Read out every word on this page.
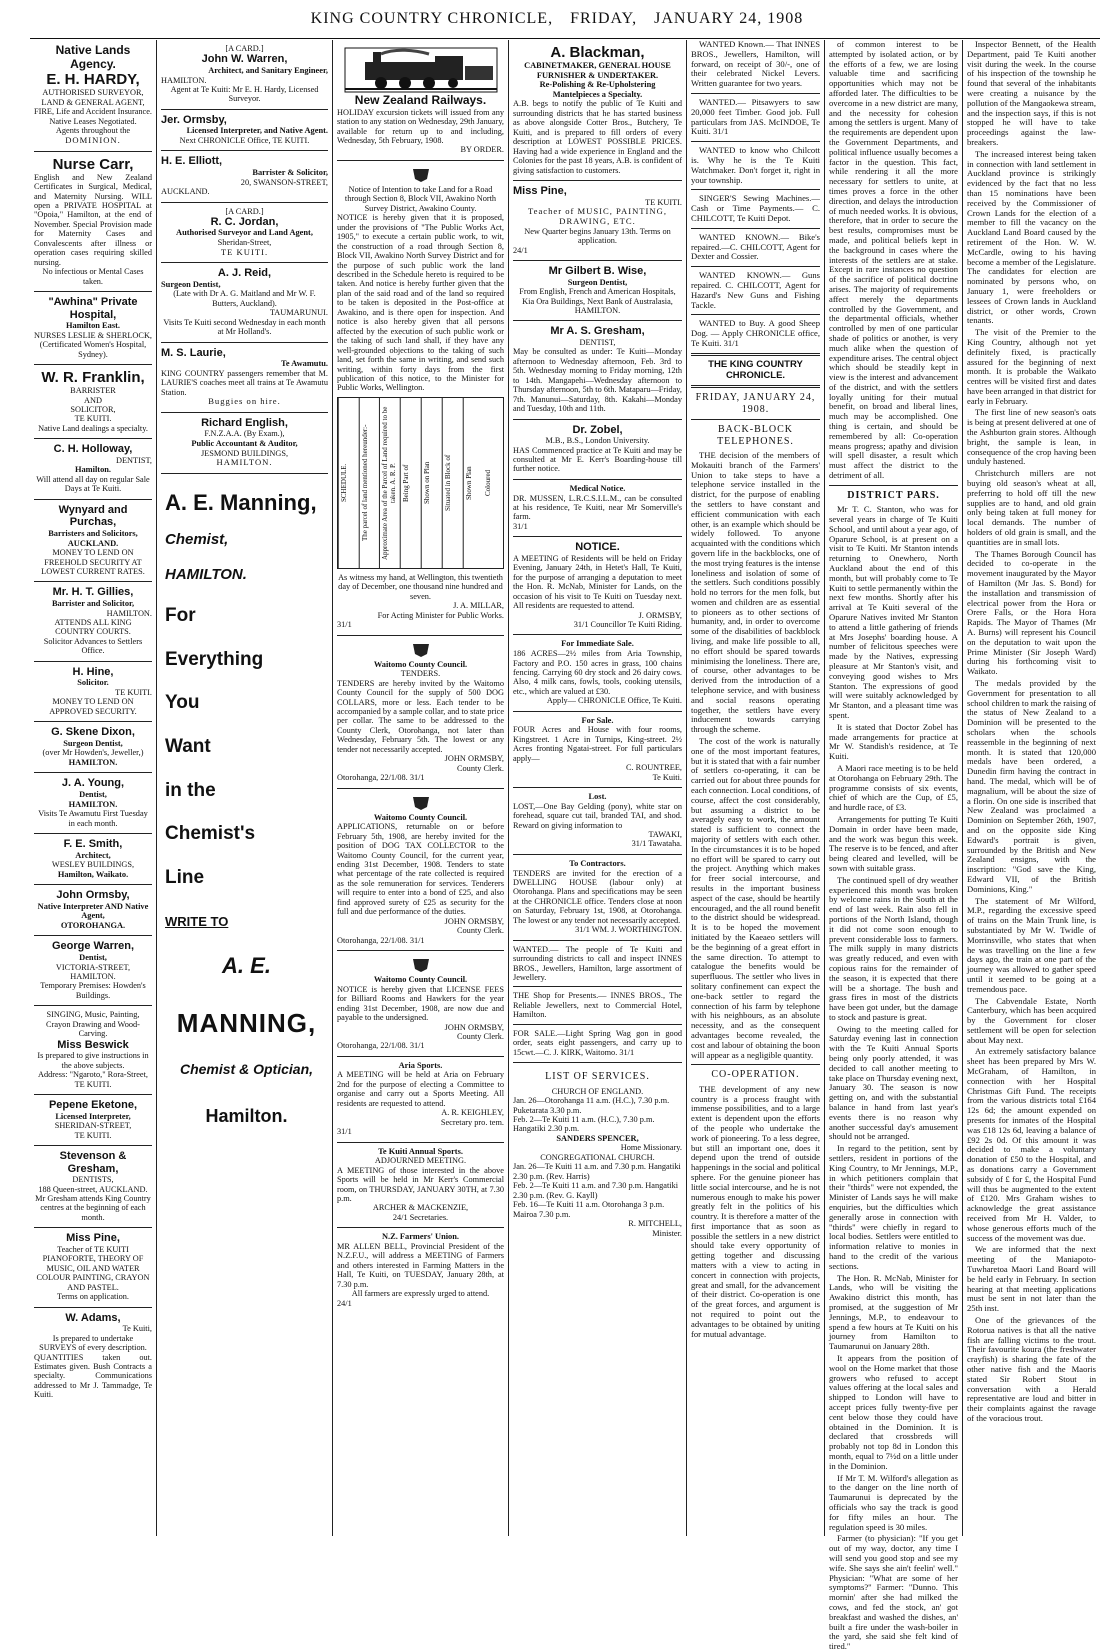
KING COUNTRY CHRONICLE, FRIDAY, JANUARY 24, 1908
Native Lands Agency.
E. H. HARDY,
AUTHORISED SURVEYOR,
LAND & GENERAL AGENT,
FIRE, Life and Accident Insurance.
Native Leases Negotiated.
Agents throughout the
DOMINION.
Nurse Carr,
English and New Zealand Certificates in Surgical, Medical, and Maternity Nursing. WILL open a PRIVATE HOSPITAL at "Opoia," Hamilton, at the end of November. Special Provision made for Maternity Cases and Convalescents after illness or operation cases requiring skilled nursing.
No infectious or Mental Cases taken.
"Awhina" Private Hospital,
Hamilton East.
NURSES LESLIE & SHERLOCK, (Certificated Women's Hospital, Sydney).
W. R. Franklin,
BARRISTER
AND
SOLICITOR,
TE KUITI.
Native Land dealings a specialty.
C. H. Holloway,
DENTIST,
Hamilton.
Will attend all day on regular Sale Days at Te Kuiti.
Wynyard and Purchas,
Barristers and Solicitors,
AUCKLAND.
MONEY TO LEND ON FREEHOLD SECURITY AT LOWEST CURRENT RATES.
Mr. H. T. Gillies,
Barrister and Solicitor,
HAMILTON.
ATTENDS ALL KING COUNTRY COURTS.
Solicitor Advances to Settlers Office.
H. Hine,
Solicitor.
TE KUITI.
MONEY TO LEND ON APPROVED SECURITY.
G. Skene Dixon,
Surgeon Dentist,
(over Mr Howden's, Jeweller,)
HAMILTON.
J. A. Young,
Dentist,
HAMILTON.
Visits Te Awamutu First Tuesday in each month.
F. E. Smith,
Architect,
WESLEY BUILDINGS,
Hamilton, Waikato.
John Ormsby,
Native Interpreter AND Native Agent,
OTOROHANGA.
George Warren,
Dentist,
VICTORIA-STREET, HAMILTON.
Temporary Premises: Howden's Buildings.
SINGING, Music, Painting, Crayon Drawing and Wood-Carving.
Miss Beswick
Is prepared to give instructions in the above subjects.
Address: "Ngaroto," Rora-Street, TE KUITI.
Pepene Eketone,
Licensed Interpreter,
SHERIDAN-STREET,
TE KUITI.
Stevenson & Gresham,
DENTISTS,
188 Queen-street, AUCKLAND.
Mr Gresham attends King Country centres at the beginning of each month.
Miss Pine,
Teacher of TE KUITI PIANOFORTE, THEORY OF MUSIC, OIL AND WATER COLOUR PAINTING, CRAYON AND PASTEL.
Terms on application.
W. Adams,
Te Kuiti,
Is prepared to undertake SURVEYS of every description.
QUANTITIES taken out. Estimates given. Bush Contracts a specialty. Communications addressed to Mr J. Tammadge, Te Kuiti.
[A CARD.]
John W. Warren,
Architect, and Sanitary Engineer,
HAMILTON.
Agent at Te Kuiti: Mr E. H. Hardy, Licensed Surveyor.
Jer. Ormsby,
Licensed Interpreter, and Native Agent.
Next CHRONICLE Office, TE KUITI.
H. E. Elliott,
Barrister & Solicitor,
20, SWANSON-STREET,
AUCKLAND.
[A CARD.]
R. C. Jordan,
Authorised Surveyor and Land Agent,
Sheridan-Street,
TE KUITI.
A. J. Reid,
Surgeon Dentist,
(Late with Dr A. G. Maitland and Mr W. F. Butters, Auckland).
TAUMARUNUI.
Visits Te Kuiti second Wednesday in each month at Mr Holland's.
M. S. Laurie,
Te Awamutu.
KING COUNTRY passengers remember that M. LAURIE'S coaches meet all trains at Te Awamutu Station.
Buggies on hire.
Richard English,
F.N.Z.A.A. (By Exam.),
Public Accountant & Auditor,
JESMOND BUILDINGS,
HAMILTON.
A. E. Manning,
Chemist,
HAMILTON.
For
Everything
You
Want
in the
Chemist's
Line
WRITE TO
A. E.
MANNING,
Chemist & Optician,
Hamilton.
New Zealand Railways.
HOLIDAY excursion tickets will issued from any station to any station on Wednesday, 29th January, available for return up to and including, Wednesday, 5th February, 1908.
BY ORDER.
Notice of Intention to take Land for a Road through Section 8, Block VII, Awakino North Survey District, Awakino County.
NOTICE is hereby given that it is proposed, under the provisions of "The Public Works Act, 1905," to execute a certain public work, to wit, the construction of a road through Section 8, Block VII, Awakino North Survey District and for the purpose of such public work the land described in the Schedule hereto is required to be taken. And notice is hereby further given that the plan of the said road and of the land so required to be taken is deposited in the Post-office at Awakino, and is there open for inspection. And notice is also hereby given that all persons affected by the execution of such public work or the taking of such land shall, if they have any well-grounded objections to the taking of such land, set forth the same in writing, and send such writing, within forty days from the first publication of this notice, to the Minister for Public Works, Wellington.
SCHEDULE.	The parcel of land mentioned hereunder:-	Approximate Area of the Parcel of Land required to be taken. A. R. P. Being Part of	Shown on Plan	Situated in Block of	Shown Plan	Coloured
As witness my hand, at Wellington, this twentieth day of December, one thousand nine hundred and seven.
J. A. MILLAR,
For Acting Minister for Public Works.
31/1
Waitomo County Council.
TENDERS.
TENDERS are hereby invited by the Waitomo County Council for the supply of 500 DOG COLLARS, more or less. Each tender to be accompanied by a sample collar, and to state price per collar. The same to be addressed to the County Clerk, Otorohanga, not later than Wednesday, February 5th. The lowest or any tender not necessarily accepted.
JOHN ORMSBY,
County Clerk.
Otorohanga, 22/1/08. 31/1
Waitomo County Council.
APPLICATIONS, returnable on or before February 5th, 1908, are hereby invited for the position of DOG TAX COLLECTOR to the Waitomo County Council, for the current year, ending 31st December, 1908. Tenders to state what percentage of the rate collected is required as the sole remuneration for services. Tenderers will require to enter into a bond of £25, and also find approved surety of £25 as security for the full and due performance of the duties.
JOHN ORMSBY,
County Clerk.
Otorohanga, 22/1/08. 31/1
Waitomo County Council.
NOTICE is hereby given that LICENSE FEES for Billiard Rooms and Hawkers for the year ending 31st December, 1908, are now due and payable to the undersigned.
JOHN ORMSBY,
County Clerk.
Otorohanga, 22/1/08. 31/1
Aria Sports.
A MEETING will be held at Aria on February 2nd for the purpose of electing a Committee to organise and carry out a Sports Meeting. All residents are requested to attend.
A. R. KEIGHLEY,
Secretary pro. tem.
31/1
Te Kuiti Annual Sports.
ADJOURNED MEETING.
A MEETING of those interested in the above Sports will be held in Mr Kerr's Commercial room, on THURSDAY, JANUARY 30TH, at 7.30 p.m.
ARCHER & MACKENZIE,
24/1 Secretaries.
N.Z. Farmers' Union.
MR ALLEN BELL, Provincial President of the N.Z.F.U., will address a MEETING of Farmers and others interested in Farming Matters in the Hall, Te Kuiti, on TUESDAY, January 28th, at 7.30 p.m.
All farmers are expressly urged to attend.
24/1
A. Blackman,
CABINETMAKER, GENERAL HOUSE FURNISHER & UNDERTAKER.
Re-Polishing & Re-Upholstering
Mantelpieces a Specialty.
A.B. begs to notify the public of Te Kuiti and surrounding districts that he has started business as above alongside Cotter Bros., Butchery, Te Kuiti, and is prepared to fill orders of every description at LOWEST POSSIBLE PRICES. Having had a wide experience in England and the Colonies for the past 18 years, A.B. is confident of giving satisfaction to customers.
Miss Pine,
TE KUITI.
Teacher of MUSIC, PAINTING, DRAWING, ETC.
New Quarter begins January 13th. Terms on application.
24/1
Mr Gilbert B. Wise,
Surgeon Dentist,
From English, French and American Hospitals, Kia Ora Buildings, Next Bank of Australasia,
HAMILTON.
Mr A. S. Gresham,
DENTIST,
May be consulted as under: Te Kuiti—Monday afternoon to Wednesday afternoon, Feb. 3rd to 5th. Wednesday morning to Friday morning, 12th to 14th. Mangapehi—Wednesday afternoon to Thursday afternoon, 5th to 6th. Mataparu—Friday, 7th. Manunui—Saturday, 8th. Kakahi—Monday and Tuesday, 10th and 11th.
Dr. Zobel,
M.B., B.S., London University.
HAS Commenced practice at Te Kuiti and may be consulted at Mr E. Kerr's Boarding-house till further notice.
Medical Notice.
DR. MUSSEN, L.R.C.S.I.L.M., can be consulted at his residence, Te Kuiti, near Mr Somerville's farm.
31/1
NOTICE.
A MEETING of Residents will be held on Friday Evening, January 24th, in Hetet's Hall, Te Kuiti, for the purpose of arranging a deputation to meet the Hon. R. McNab, Minister for Lands, on the occasion of his visit to Te Kuiti on Tuesday next. All residents are requested to attend.
J. ORMSBY,
31/1 Councillor Te Kuiti Riding.
For Immediate Sale.
186 ACRES—2½ miles from Aria Township, Factory and P.O. 150 acres in grass, 100 chains fencing. Carrying 60 dry stock and 26 dairy cows. Also, 4 milk cans, fowls, tools, cooking utensils, etc., which are valued at £30.
Apply— CHRONICLE Office, Te Kuiti.
For Sale.
FOUR Acres and House with four rooms, Kingstreet. 1 Acre in Turnips, King-street. 2½ Acres fronting Ngatai-street. For full particulars apply—
C. ROUNTREE,
Te Kuiti.
Lost.
LOST,—One Bay Gelding (pony), white star on forehead, square cut tail, branded TAI, and shod. Reward on giving information to
TAWAKI,
31/1 Tawataha.
To Contractors.
TENDERS are invited for the erection of a DWELLING HOUSE (labour only) at Otorohanga. Plans and specifications may be seen at the CHRONICLE office. Tenders close at noon on Saturday, February 1st, 1908, at Otorohanga. The lowest or any tender not necessarily accepted.
31/1 WM. J. WORTHINGTON.
WANTED.— The people of Te Kuiti and surrounding districts to call and inspect INNES BROS., Jewellers, Hamilton, large assortment of Jewellery.
THE Shop for Presents.— INNES BROS., The Reliable Jewellers, next to Commercial Hotel, Hamilton.
FOR SALE.—Light Spring Wag gon in good order, seats eight passengers, and carry up to 15cwt.—C. J. KIRK, Waitomo. 31/1
LIST OF SERVICES.
CHURCH OF ENGLAND.
Jan. 26—Otorohanga 11 a.m. (H.C.), 7.30 p.m. Puketarata 3.30 p.m.
Feb. 2—Te Kuiti 11 a.m. (H.C.), 7.30 p.m. Hangatiki 2.30 p.m.
SANDERS SPENCER,
Home Missionary.
CONGREGATIONAL CHURCH.
Jan. 26—Te Kuiti 11 a.m. and 7.30 p.m. Hangatiki 2.30 p.m. (Rev. Harris)
Feb. 2—Te Kuiti 11 a.m. and 7.30 p.m. Hangatiki 2.30 p.m. (Rev. G. Kayll)
Feb. 16—Te Kuiti 11 a.m. Otorohanga 3 p.m. Mairoa 7.30 p.m.
R. MITCHELL,
Minister.

WANTED Known.— That INNES BROS., Jewellers, Hamilton, will forward, on receipt of 30/-, one of their celebrated Nickel Levers. Written guarantee for two years.

WANTED.— Pitsawyers to saw 20,000 feet Timber. Good job. Full particulars from JAS. McINDOE, Te Kuiti. 31/1

WANTED to know who Chilcott is. Why he is the Te Kuiti Watchmaker. Don't forget it, right in your township.

SINGER'S Sewing Machines.—Cash or Time Payments.— C. CHILCOTT, Te Kuiti Depot.

WANTED KNOWN.— Bike's repaired.—C. CHILCOTT, Agent for Dexter and Cossier.

WANTED KNOWN.— Guns repaired. C. CHILCOTT, Agent for Hazard's New Guns and Fishing Tackle.

WANTED to Buy. A good Sheep Dog. — Apply CHRONICLE office, Te Kuiti. 31/1

THE KING COUNTRY CHRONICLE.
FRIDAY, JANUARY 24, 1908.
BACK-BLOCK TELEPHONES.

THE decision of the members of Mokauiti branch of the Farmers' Union to take steps to have a telephone service installed in the district, for the purpose of enabling the settlers to have constant and efficient communication with each other, is an example which should be widely followed. To anyone acquainted with the conditions which govern life in the backblocks, one of the most trying features is the intense loneliness and isolation of some of the settlers. Such conditions possibly hold no terrors for the men folk, but women and children are as essential to pioneers as to other sections of humanity, and, in order to overcome some of the disabilities of backblock living, and make life possible to all, no effort should be spared towards minimising the loneliness. There are, of course, other advantages to be derived from the introduction of a telephone service, and with business and social reasons operating together, the settlers have every inducement towards carrying through the scheme.

The cost of the work is naturally one of the most important features, but it is stated that with a fair number of settlers co-operating, it can be carried out for about three pounds for each connection. Local conditions, of course, affect the cost considerably, but assuming a district to be averagely easy to work, the amount stated is sufficient to connect the majority of settlers with each other. In the circumstances it is to be hoped no effort will be spared to carry out the project. Anything which makes for freer social intercourse, and results in the important business aspect of the case, should be heartily encouraged, and the all round benefit to the district should be widespread. It is to be hoped the movement initiated by the Kaeaeo settlers will be the beginning of a great effort in the same direction. To attempt to catalogue the benefits would be superfluous. The settler who lives in solitary confinement can expect the one-back settler to regard the connection of his farm by telephone with his neighbours, as an absolute necessity, and as the consequent advantages become revealed, the cost and labour of obtaining the boon will appear as a negligible quantity.

CO-OPERATION.

THE development of any new country is a process fraught with immense possibilities, and to a large extent is dependent upon the efforts of the people who undertake the work of pioneering. To a less degree, but still an important one, does it depend upon the trend of outside happenings in the social and political sphere. For the genuine pioneer has little social intercourse, and he is not numerous enough to make his power greatly felt in the politics of his country. It is therefore a matter of the first importance that as soon as possible the settlers in a new district should take every opportunity of getting together and discussing matters with a view to acting in concert in connection with projects, great and small, for the advancement of their district. Co-operation is one of the great forces, and argument is not required to point out the advantages to be obtained by uniting for mutual advantage.

of common interest to be attempted by isolated action, or by the efforts of a few, we are losing valuable time and sacrificing opportunities which may not be afforded later. The difficulties to be overcome in a new district are many, and the necessity for cohesion among the settlers is urgent. Many of the requirements are dependent upon the Government Departments, and political influence usually becomes a factor in the question. This fact, while rendering it all the more necessary for settlers to unite, at times proves a force in the other direction, and delays the introduction of much needed works. It is obvious, therefore, that in order to secure the best results, compromises must be made, and political beliefs kept in the background in cases where the interests of the settlers are at stake. Except in rare instances no question of the sacrifice of political doctrine arises. The majority of requirements affect merely the departments controlled by the Government, and the departmental officials, whether controlled by men of one particular shade of politics or another, is very much alike when the question of expenditure arises. The central object which should be steadily kept in view is the interest and advancement of the district, and with the settlers loyally uniting for their mutual benefit, on broad and liberal lines, much may be accomplished. One thing is certain, and should be remembered by all: Co-operation means progress; apathy and division will spell disaster, a result which must affect the district to the detriment of all.

DISTRICT PARS.

Mr T. C. Stanton, who was for several years in charge of Te Kuiti School, and until about a year ago, of Oparure School, is at present on a visit to Te Kuiti. Mr Stanton intends returning to Onewhero, North Auckland about the end of this month, but will probably come to Te Kuiti to settle permanently within the next few months. Shortly after his arrival at Te Kuiti several of the Oparure Natives invited Mr Stanton to attend a little gathering of friends at Mrs Josephs' boarding house. A number of felicitous speeches were made by the Natives, expressing pleasure at Mr Stanton's visit, and conveying good wishes to Mrs Stanton. The expressions of good will were suitably acknowledged by Mr Stanton, and a pleasant time was spent.

It is stated that Doctor Zobel has made arrangements for practice at Mr W. Standish's residence, at Te Kuiti.

A Maori race meeting is to be held at Otorohanga on February 29th. The programme consists of six events, chief of which are the Cup, of £5, and hurdle race, of £3.

Arrangements for putting Te Kuiti Domain in order have been made, and the work was begun this week. The reserve is to be fenced, and after being cleared and levelled, will be sown with suitable grass.

The continued spell of dry weather experienced this month was broken by welcome rains in the South at the end of last week. Rain also fell in portions of the North Island, though it did not come soon enough to prevent considerable loss to farmers. The milk supply in many districts was greatly reduced, and even with copious rains for the remainder of the season, it is expected that there will be a shortage. The bush and grass fires in most of the districts have been got under, but the damage to stock and pasture is great.

Owing to the meeting called for Saturday evening last in connection with the Te Kuiti Annual Sports being only poorly attended, it was decided to call another meeting to take place on Thursday evening next, January 30. The season is now getting on, and with the substantial balance in hand from last year's events there is no reason why another successful day's amusement should not be arranged.

In regard to the petition, sent by settlers, resident in portions of the King Country, to Mr Jennings, M.P., in which petitioners complain that their "thirds" were not expended, the Minister of Lands says he will make enquiries, but the difficulties which generally arose in connection with "thirds" were chiefly in regard to local bodies. Settlers were entitled to information relative to monies in hand to the credit of the various sections.

The Hon. R. McNab, Minister for Lands, who will be visiting the Awakino district this month, has promised, at the suggestion of Mr Jennings, M.P., to endeavour to spend a few hours at Te Kuiti on his journey from Hamilton to Taumarunui on January 28th.

It appears from the position of wool on the Home market that those growers who refused to accept values offering at the local sales and shipped to London will have to accept prices fully twenty-five per cent below those they could have obtained in the Dominion. It is declared that crossbreds will probably not top 8d in London this month, equal to 7½d on a little under in the Dominion.

If Mr T. M. Wilford's allegation as to the danger on the line north of Taumarunui is deprecated by the officials who say the track is good for fifty miles an hour. The regulation speed is 30 miles.

Farmer (to physician): "If you get out of my way, doctor, any time I will send you good stop and see my wife. She says she ain't feelin' well." Physician: "What are some of her symptoms?" Farmer: "Dunno. This mornin' after she had milked the cows, and fed the stock, an' got breakfast and washed the dishes, an' built a fire under the wash-boiler in the yard, she said she felt kind of tired."

Inspector Bennett, of the Health Department, paid Te Kuiti another visit during the week. In the course of his inspection of the township he found that several of the inhabitants were creating a nuisance by the pollution of the Mangaokewa stream, and the inspection says, if this is not stopped he will have to take proceedings against the law-breakers.

The increased interest being taken in connection with land settlement in Auckland province is strikingly evidenced by the fact that no less than 15 nominations have been received by the Commissioner of Crown Lands for the election of a member to fill the vacancy on the Auckland Land Board caused by the retirement of the Hon. W. W. McCardle, owing to his having become a member of the Legislature. The candidates for election are nominated by persons who, on January 1, were freeholders or lessees of Crown lands in Auckland district, or other words, Crown tenants.

The visit of the Premier to the King Country, although not yet definitely fixed, is practically assured for the beginning of next month. It is probable the Waikato centres will be visited first and dates have been arranged in that district for early in February.

The first line of new season's oats is being at present delivered at one of the Ashburton grain stores. Although bright, the sample is lean, in consequence of the crop having been unduly hastened.

Christchurch millers are not buying old season's wheat at all, preferring to hold off till the new supplies are to hand, and old grain only being taken at full money for local demands. The number of holders of old grain is small, and the quantities are in small lots.

The Thames Borough Council has decided to co-operate in the movement inaugurated by the Mayor of Hamilton (Mr Jas. S. Bond) for the installation and transmission of electrical power from the Hora or Orere Falls, or the Hora Hora Rapids. The Mayor of Thames (Mr A. Burns) will represent his Council on the deputation to wait upon the Prime Minister (Sir Joseph Ward) during his forthcoming visit to Waikato.

The medals provided by the Government for presentation to all school children to mark the raising of the status of New Zealand to a Dominion will be presented to the scholars when the schools reassemble in the beginning of next month. It is stated that 120,000 medals have been ordered, a Dunedin firm having the contract in hand. The medal, which will be of magnalium, will be about the size of a florin. On one side is inscribed that New Zealand was proclaimed a Dominion on September 26th, 1907, and on the opposite side King Edward's portrait is given, surrounded by the British and New Zealand ensigns, with the inscription: "God save the King, Edward VII, of the British Dominions, King."

The statement of Mr Wilford, M.P., regarding the excessive speed of trains on the Main Trunk line, is substantiated by Mr W. Twidle of Morrinsville, who states that when he was travelling on the line a few days ago, the train at one part of the journey was allowed to gather speed until it seemed to be going at a tremendous pace.

The Cabvendale Estate, North Canterbury, which has been acquired by the Government for closer settlement will be open for selection about May next.

An extremely satisfactory balance sheet has been prepared by Mrs W. McGraham, of Hamilton, in connection with her Hospital Christmas Gift Fund. The receipts from the various districts total £164 12s 6d; the amount expended on presents for inmates of the Hospital was £18 12s 6d, leaving a balance of £92 2s 0d. Of this amount it was decided to make a voluntary donation of £50 to the Hospital, and as donations carry a Government subsidy of £ for £, the Hospital Fund will thus be augmented to the extent of £120. Mrs Graham wishes to acknowledge the great assistance received from Mr H. Valder, to whose generous efforts much of the success of the movement was due.

We are informed that the next meeting of the Maniapoto-Tuwharetoa Maori Land Board will be held early in February. In section hearing at that meeting applications must be sent in not later than the 25th inst.

One of the grievances of the Rotorua natives is that all the native fish are falling victims to the trout. Their favourite koura (the freshwater crayfish) is sharing the fate of the other native fish and the Maoris stated Sir Robert Stout in conversation with a Herald representative are loud and bitter in their complaints against the ravage of the voracious trout.
